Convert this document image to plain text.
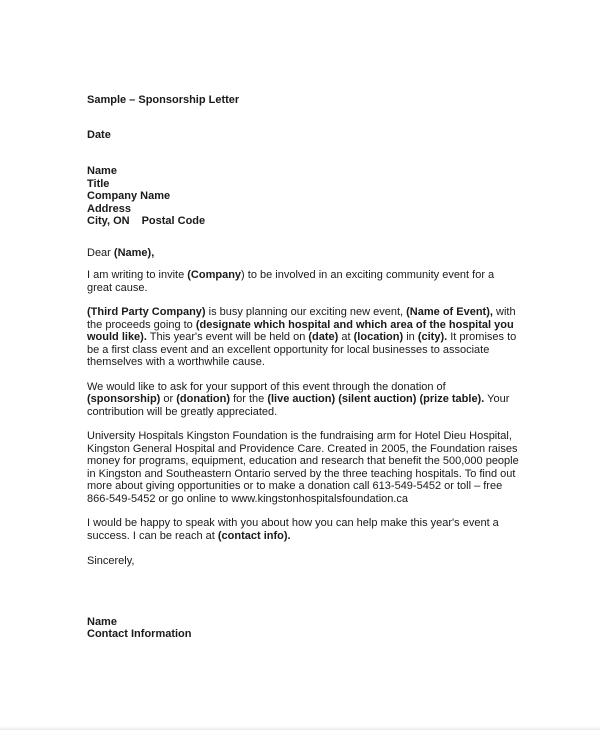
Sample – Sponsorship Letter

Date

Name

Title

Company Name

Address

City, ON Postal Code

Dear (Name),

I am writing to invite (Company) to be involved in an exciting community event for a great cause.

(Third Party Company) is busy planning our exciting new event, (Name of Event), with the proceeds going to (designate which hospital and which area of the hospital you would like). This year's event will be held on (date) at (location) in (city). It promises to be a first class event and an excellent opportunity for local businesses to associate themselves with a worthwhile cause.

We would like to ask for your support of this event through the donation of (sponsorship) or (donation) for the (live auction) (silent auction) (prize table). Your contribution will be greatly appreciated.

University Hospitals Kingston Foundation is the fundraising arm for Hotel Dieu Hospital, Kingston General Hospital and Providence Care. Created in 2005, the Foundation raises money for programs, equipment, education and research that benefit the 500,000 people in Kingston and Southeastern Ontario served by the three teaching hospitals. To find out more about giving opportunities or to make a donation call 613-549-5452 or toll – free 866-549-5452 or go online to www.kingstonhospitalsfoundation.ca

I would be happy to speak with you about how you can help make this year's event a success. I can be reach at (contact info).

Sincerely,

Name

Contact Information
